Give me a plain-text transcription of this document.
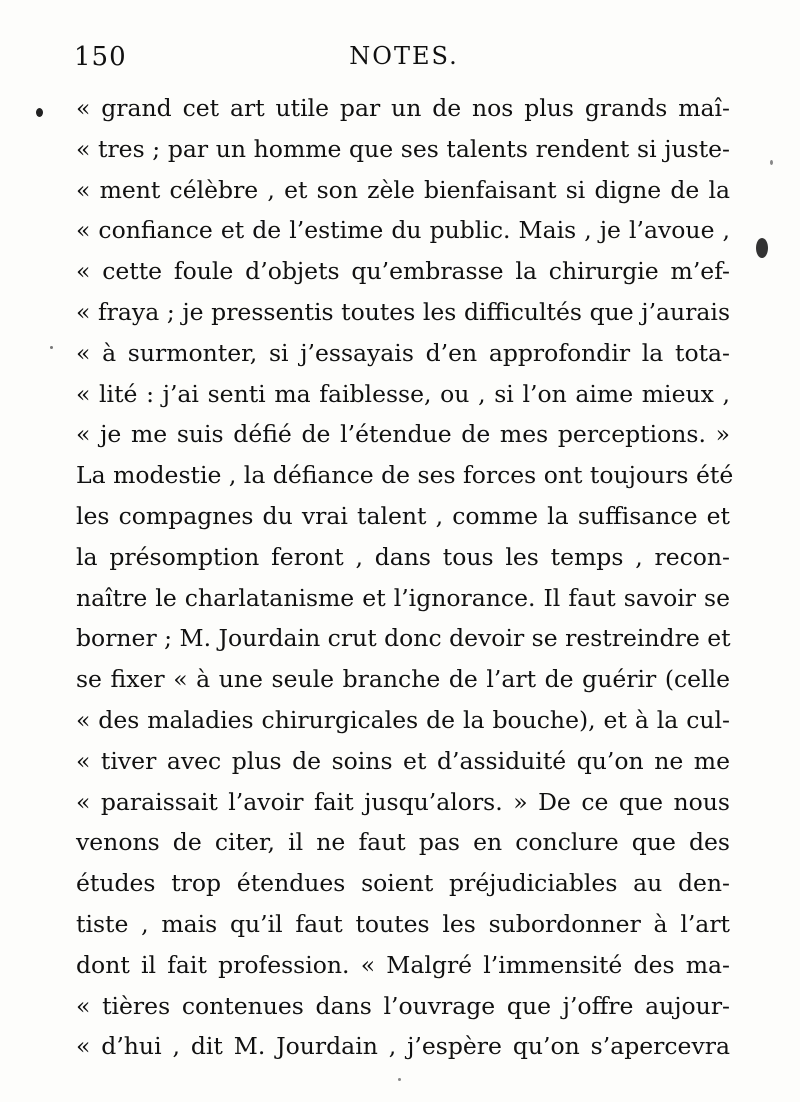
150	NOTES.
« grand cet art utile par un de nos plus grands maî-
« tres ; par un homme que ses talents rendent si juste-
« ment célèbre , et son zèle bienfaisant si digne de la
« confiance et de l’estime du public. Mais , je l’avoue ,
« cette foule d’objets qu’embrasse la chirurgie m’ef-
« fraya ; je pressentis toutes les difficultés que j’aurais
« à surmonter, si j’essayais d’en approfondir la tota-
« lité : j’ai senti ma faiblesse, ou , si l’on aime mieux ,
« je me suis défié de l’étendue de mes perceptions. »
La modestie , la défiance de ses forces ont toujours été
les compagnes du vrai talent , comme la suffisance et
la présomption feront , dans tous les temps , recon-
naître le charlatanisme et l’ignorance. Il faut savoir se
borner ; M. Jourdain crut donc devoir se restreindre et
se fixer « à une seule branche de l’art de guérir (celle
« des maladies chirurgicales de la bouche), et à la cul-
« tiver avec plus de soins et d’assiduité qu’on ne me
« paraissait l’avoir fait jusqu’alors. » De ce que nous
venons de citer, il ne faut pas en conclure que des
études trop étendues soient préjudiciables au den-
tiste , mais qu’il faut toutes les subordonner à l’art
dont il fait profession. « Malgré l’immensité des ma-
« tières contenues dans l’ouvrage que j’offre aujour-
« d’hui , dit M. Jourdain , j’espère qu’on s’apercevra
